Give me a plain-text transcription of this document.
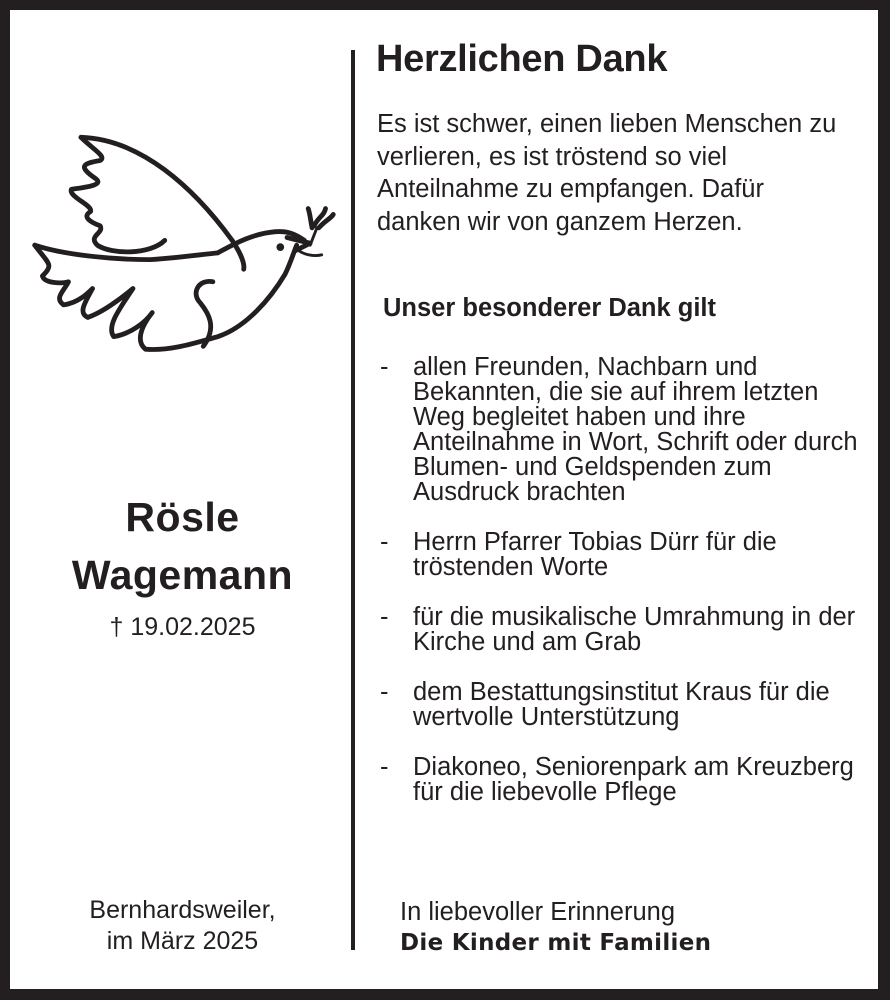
Rösle
Wagemann
† 19.02.2025
Bernhardsweiler,
im März 2025
Herzlichen Dank
Es ist schwer, einen lieben Menschen zu verlieren, es ist tröstend so viel Anteilnahme zu empfangen. Dafür danken wir von ganzem Herzen.
Unser besonderer Dank gilt
- allen Freunden, Nachbarn und Bekannten, die sie auf ihrem letzten Weg begleitet haben und ihre Anteilnahme in Wort, Schrift oder durch Blumen- und Geldspenden zum Ausdruck brachten
- Herrn Pfarrer Tobias Dürr für die tröstenden Worte
- für die musikalische Umrahmung in der Kirche und am Grab
- dem Bestattungsinstitut Kraus für die wertvolle Unterstützung
- Diakoneo, Seniorenpark am Kreuzberg für die liebevolle Pflege
In liebevoller Erinnerung
Die Kinder mit Familien
